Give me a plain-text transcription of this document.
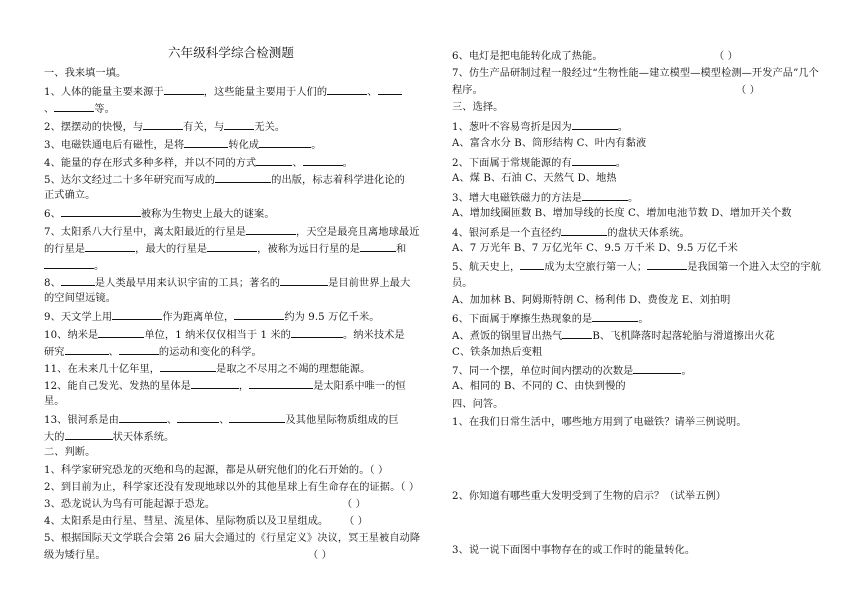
六年级科学综合检测题
一、我来填一填。
1、人体的能量主要来源于	，这些能量主要用于人们的	、
、	等。
2、摆摆动的快慢，与	有关，与	无关。
3、电磁铁通电后有磁性，是将	转化成	。
4、能量的存在形式多种多样，并以不同的方式	、	。
5、达尔文经过二十多年研究而写成的	的出版，标志着科学进化论的
正式确立。
6、	被称为生物史上最大的谜案。
7、太阳系八大行星中，离太阳最近的行星是	，天空是最亮且离地球最近
的行星是	，最大的行星是	，被称为远日行星的是	和
。
8、	是人类最早用来认识宇宙的工具；著名的	是目前世界上最大
的空间望远镜。
9、天文学上用	作为距离单位，	约为 9.5 万亿千米。
10、纳米是	单位，1 纳米仅仅相当于 1 米的	。纳米技术是
研究	、	的运动和变化的科学。
11、在未来几十亿年里，	是取之不尽用之不竭的理想能源。
12、能自己发光、发热的星体是	，	是太阳系中唯一的恒
星。
13、银河系是由	、	、	及其他星际物质组成的巨
大的	状天体系统。
二、判断。
1、科学家研究恐龙的灭绝和鸟的起源，都是从研究他们的化石开始的。（ ）
2、到目前为止，科学家还没有发现地球以外的其他星球上有生命存在的证据。（ ）
3、恐龙说认为鸟有可能起源于恐龙。	（ ）
4、太阳系是由行星、彗星、流星体、星际物质以及卫星组成。 （ ）
5、根据国际天文学联合会第 26 届大会通过的《行星定义》决议，冥王星被自动降
级为矮行星。	（ ）
6、电灯是把电能转化成了热能。	（ ）
7、仿生产品研制过程一般经过“生物性能—建立模型—模型检测—开发产品”几个
程序。	（ ）
三、选择。
1、葱叶不容易弯折是因为	。
A、富含水分 B、筒形结构 C、叶内有黏液
2、下面属于常规能源的有	。
A、煤 B、石油 C、天然气 D、地热
3、增大电磁铁磁力的方法是	。
A、增加线圈匝数 B、增加导线的长度 C、增加电池节数 D、增加开关个数
4、银河系是一个直径约	的盘状天体系统。
A、7 万光年 B、7 万亿光年 C、9.5 万千米 D、9.5 万亿千米
5、航天史上， 成为太空旅行第一人；	是我国第一个进入太空的宇航
员。
A、加加林 B、阿姆斯特朗 C、杨利伟 D、费俊龙 E、刘拍明
6、下面属于摩擦生热现象的是	。
A、煮饭的锅里冒出热气	B、飞机降落时起落轮胎与滑道擦出火花
C、铁条加热后变粗
7、同一个摆，单位时间内摆动的次数是	。
A、相同的 B、不同的 C、由快到慢的
四、问答。
1、在我们日常生活中，哪些地方用到了电磁铁？请举三例说明。
2、你知道有哪些重大发明受到了生物的启示？（试举五例）
3、说一说下面图中事物存在的或工作时的能量转化。
